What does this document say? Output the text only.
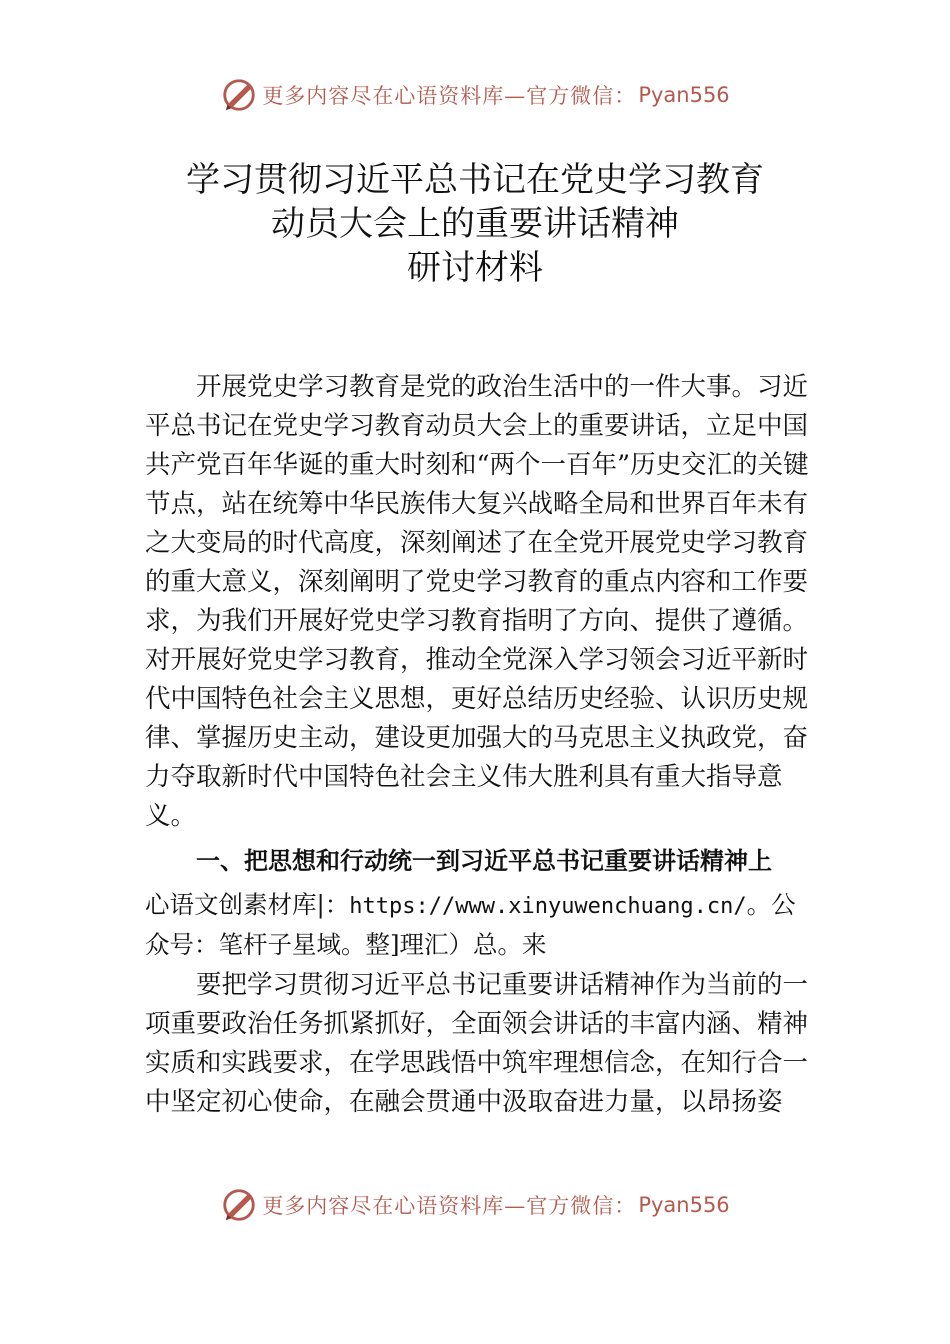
更多内容尽在心语资料库—官方微信： Pyan556
学习贯彻习近平总书记在党史学习教育
动员大会上的重要讲话精神
研讨材料

开展党史学习教育是党的政治生活中的一件大事。习近平总书记在党史学习教育动员大会上的重要讲话，立足中国共产党百年华诞的重大时刻和“两个一百年”历史交汇的关键节点，站在统筹中华民族伟大复兴战略全局和世界百年未有之大变局的时代高度，深刻阐述了在全党开展党史学习教育的重大意义，深刻阐明了党史学习教育的重点内容和工作要求，为我们开展好党史学习教育指明了方向、提供了遵循。对开展好党史学习教育，推动全党深入学习领会习近平新时代中国特色社会主义思想，更好总结历史经验、认识历史规律、掌握历史主动，建设更加强大的马克思主义执政党，奋力夺取新时代中国特色社会主义伟大胜利具有重大指导意义。

一、把思想和行动统一到习近平总书记重要讲话精神上

心语文创素材库|：https://www.xinyuwenchuang.cn/。公众号：笔杆子星域。整]理汇）总。来

要把学习贯彻习近平总书记重要讲话精神作为当前的一项重要政治任务抓紧抓好，全面领会讲话的丰富内涵、精神实质和实践要求，在学思践悟中筑牢理想信念，在知行合一中坚定初心使命，在融会贯通中汲取奋进力量，以昂扬姿

更多内容尽在心语资料库—官方微信： Pyan556
